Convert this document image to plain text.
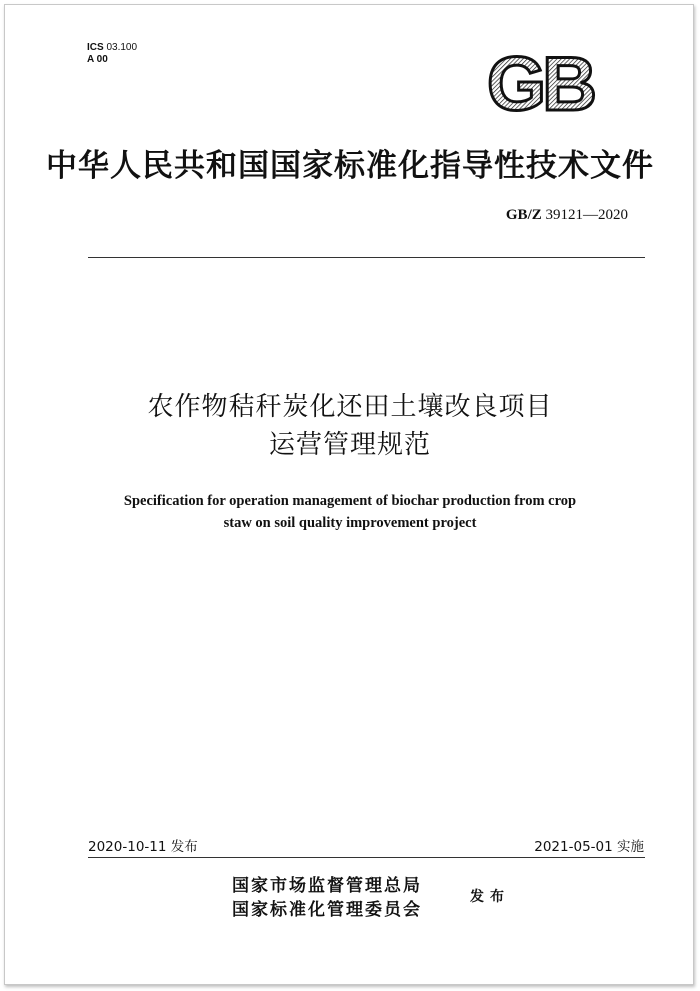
ICS 03.100
A 00	GB
中华人民共和国国家标准化指导性技术文件
GB/Z 39121—2020
农作物秸秆炭化还田土壤改良项目
运营管理规范
Specification for operation management of biochar production from crop
staw on soil quality improvement project
2020-10-11 发布	2021-05-01 实施
国家市场监督管理总局
国家标准化管理委员会
发布
